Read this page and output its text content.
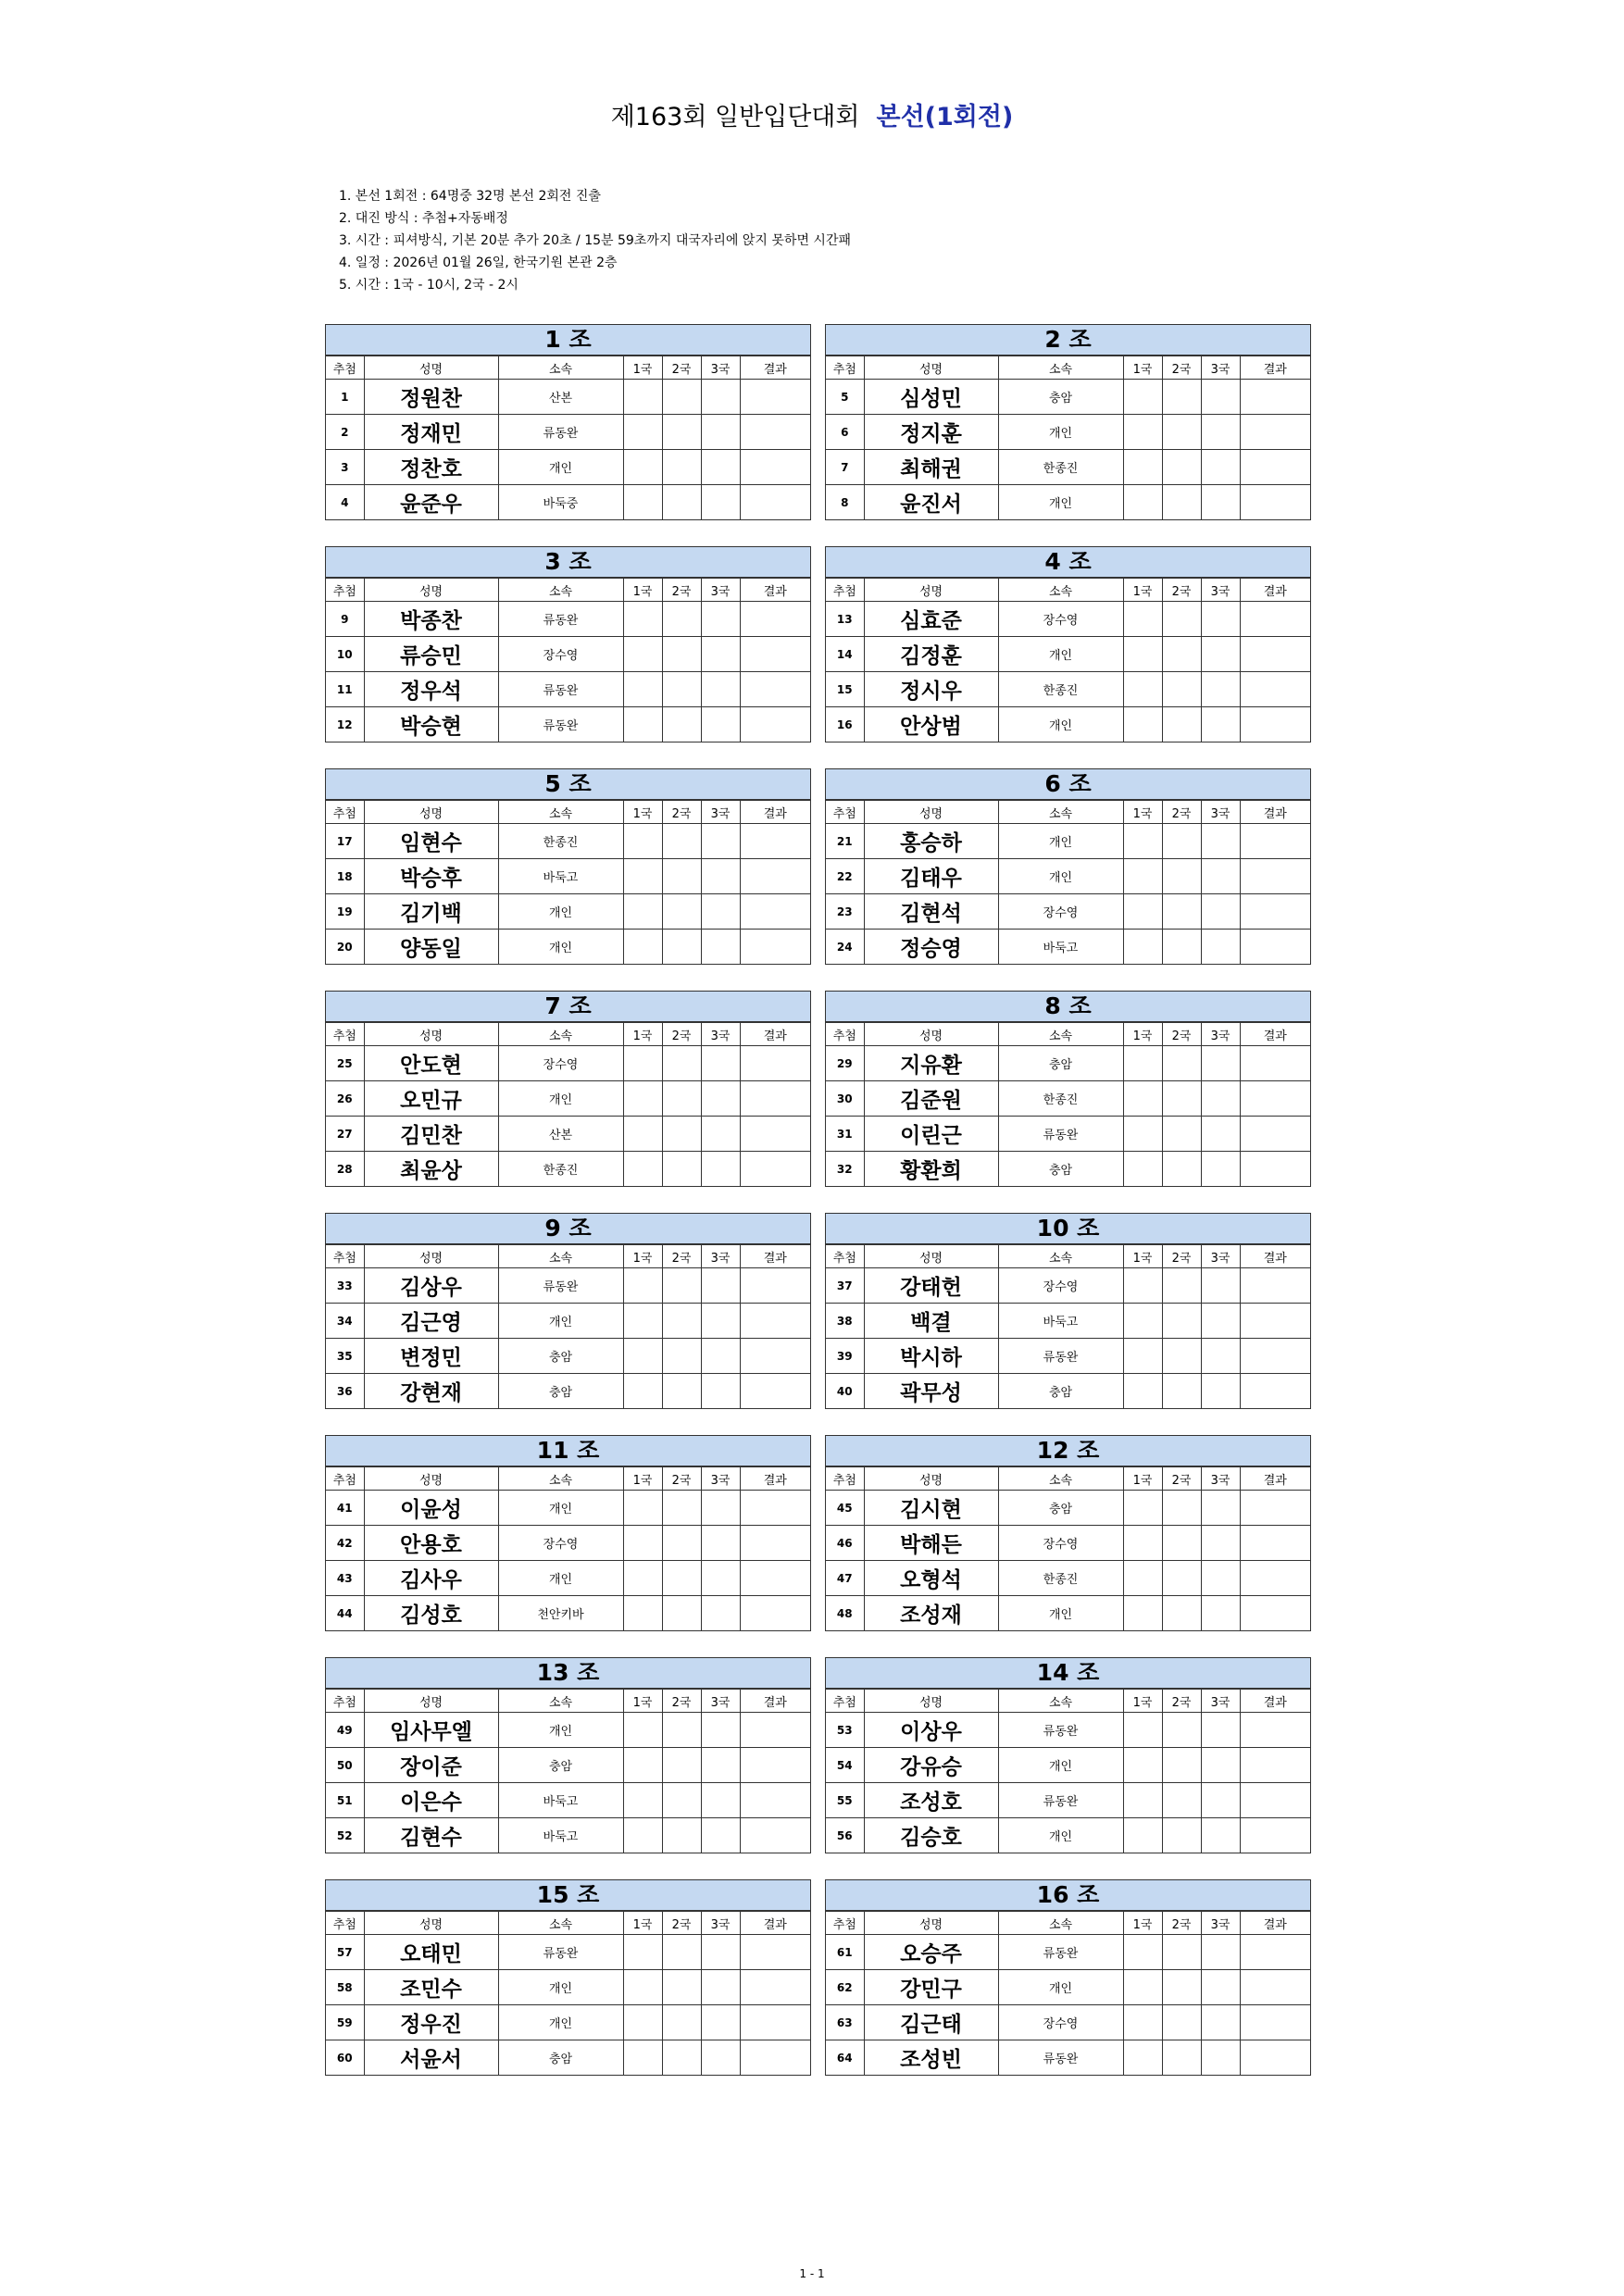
제163회 일반입단대회 본선(1회전)
1. 본선 1회전 : 64명중 32명 본선 2회전 진출
2. 대진 방식 : 추첨+자동배정
3. 시간 : 피셔방식, 기본 20분 추가 20초 / 15분 59초까지 대국자리에 앉지 못하면 시간패
4. 일정 : 2026년 01월 26일, 한국기원 본관 2층
5. 시간 : 1국 - 10시, 2국 - 2시
1 조
추첨	성명	소속	1국	2국	3국	결과
1	정원찬	산본				
2	정재민	류동완				
3	정찬호	개인				
4	윤준우	바둑중				
2 조
추첨	성명	소속	1국	2국	3국	결과
5	심성민	충암				
6	정지훈	개인				
7	최해권	한종진				
8	윤진서	개인				
3 조
추첨	성명	소속	1국	2국	3국	결과
9	박종찬	류동완				
10	류승민	장수영				
11	정우석	류동완				
12	박승현	류동완				
4 조
추첨	성명	소속	1국	2국	3국	결과
13	심효준	장수영				
14	김정훈	개인				
15	정시우	한종진				
16	안상범	개인				
5 조
추첨	성명	소속	1국	2국	3국	결과
17	임현수	한종진				
18	박승후	바둑고				
19	김기백	개인				
20	양동일	개인				
6 조
추첨	성명	소속	1국	2국	3국	결과
21	홍승하	개인				
22	김태우	개인				
23	김현석	장수영				
24	정승영	바둑고				
7 조
추첨	성명	소속	1국	2국	3국	결과
25	안도현	장수영				
26	오민규	개인				
27	김민찬	산본				
28	최윤상	한종진				
8 조
추첨	성명	소속	1국	2국	3국	결과
29	지유환	충암				
30	김준원	한종진				
31	이린근	류동완				
32	황환희	충암				
9 조
추첨	성명	소속	1국	2국	3국	결과
33	김상우	류동완				
34	김근영	개인				
35	변정민	충암				
36	강현재	충암				
10 조
추첨	성명	소속	1국	2국	3국	결과
37	강태헌	장수영				
38	백결	바둑고				
39	박시하	류동완				
40	곽무성	충암				
11 조
추첨	성명	소속	1국	2국	3국	결과
41	이윤성	개인				
42	안용호	장수영				
43	김사우	개인				
44	김성호	천안키바				
12 조
추첨	성명	소속	1국	2국	3국	결과
45	김시현	충암				
46	박해든	장수영				
47	오형석	한종진				
48	조성재	개인				
13 조
추첨	성명	소속	1국	2국	3국	결과
49	임사무엘	개인				
50	장이준	충암				
51	이은수	바둑고				
52	김현수	바둑고				
14 조
추첨	성명	소속	1국	2국	3국	결과
53	이상우	류동완				
54	강유승	개인				
55	조성호	류동완				
56	김승호	개인				
15 조
추첨	성명	소속	1국	2국	3국	결과
57	오태민	류동완				
58	조민수	개인				
59	정우진	개인				
60	서윤서	충암				
16 조
추첨	성명	소속	1국	2국	3국	결과
61	오승주	류동완				
62	강민구	개인				
63	김근태	장수영				
64	조성빈	류동완				
1 - 1
